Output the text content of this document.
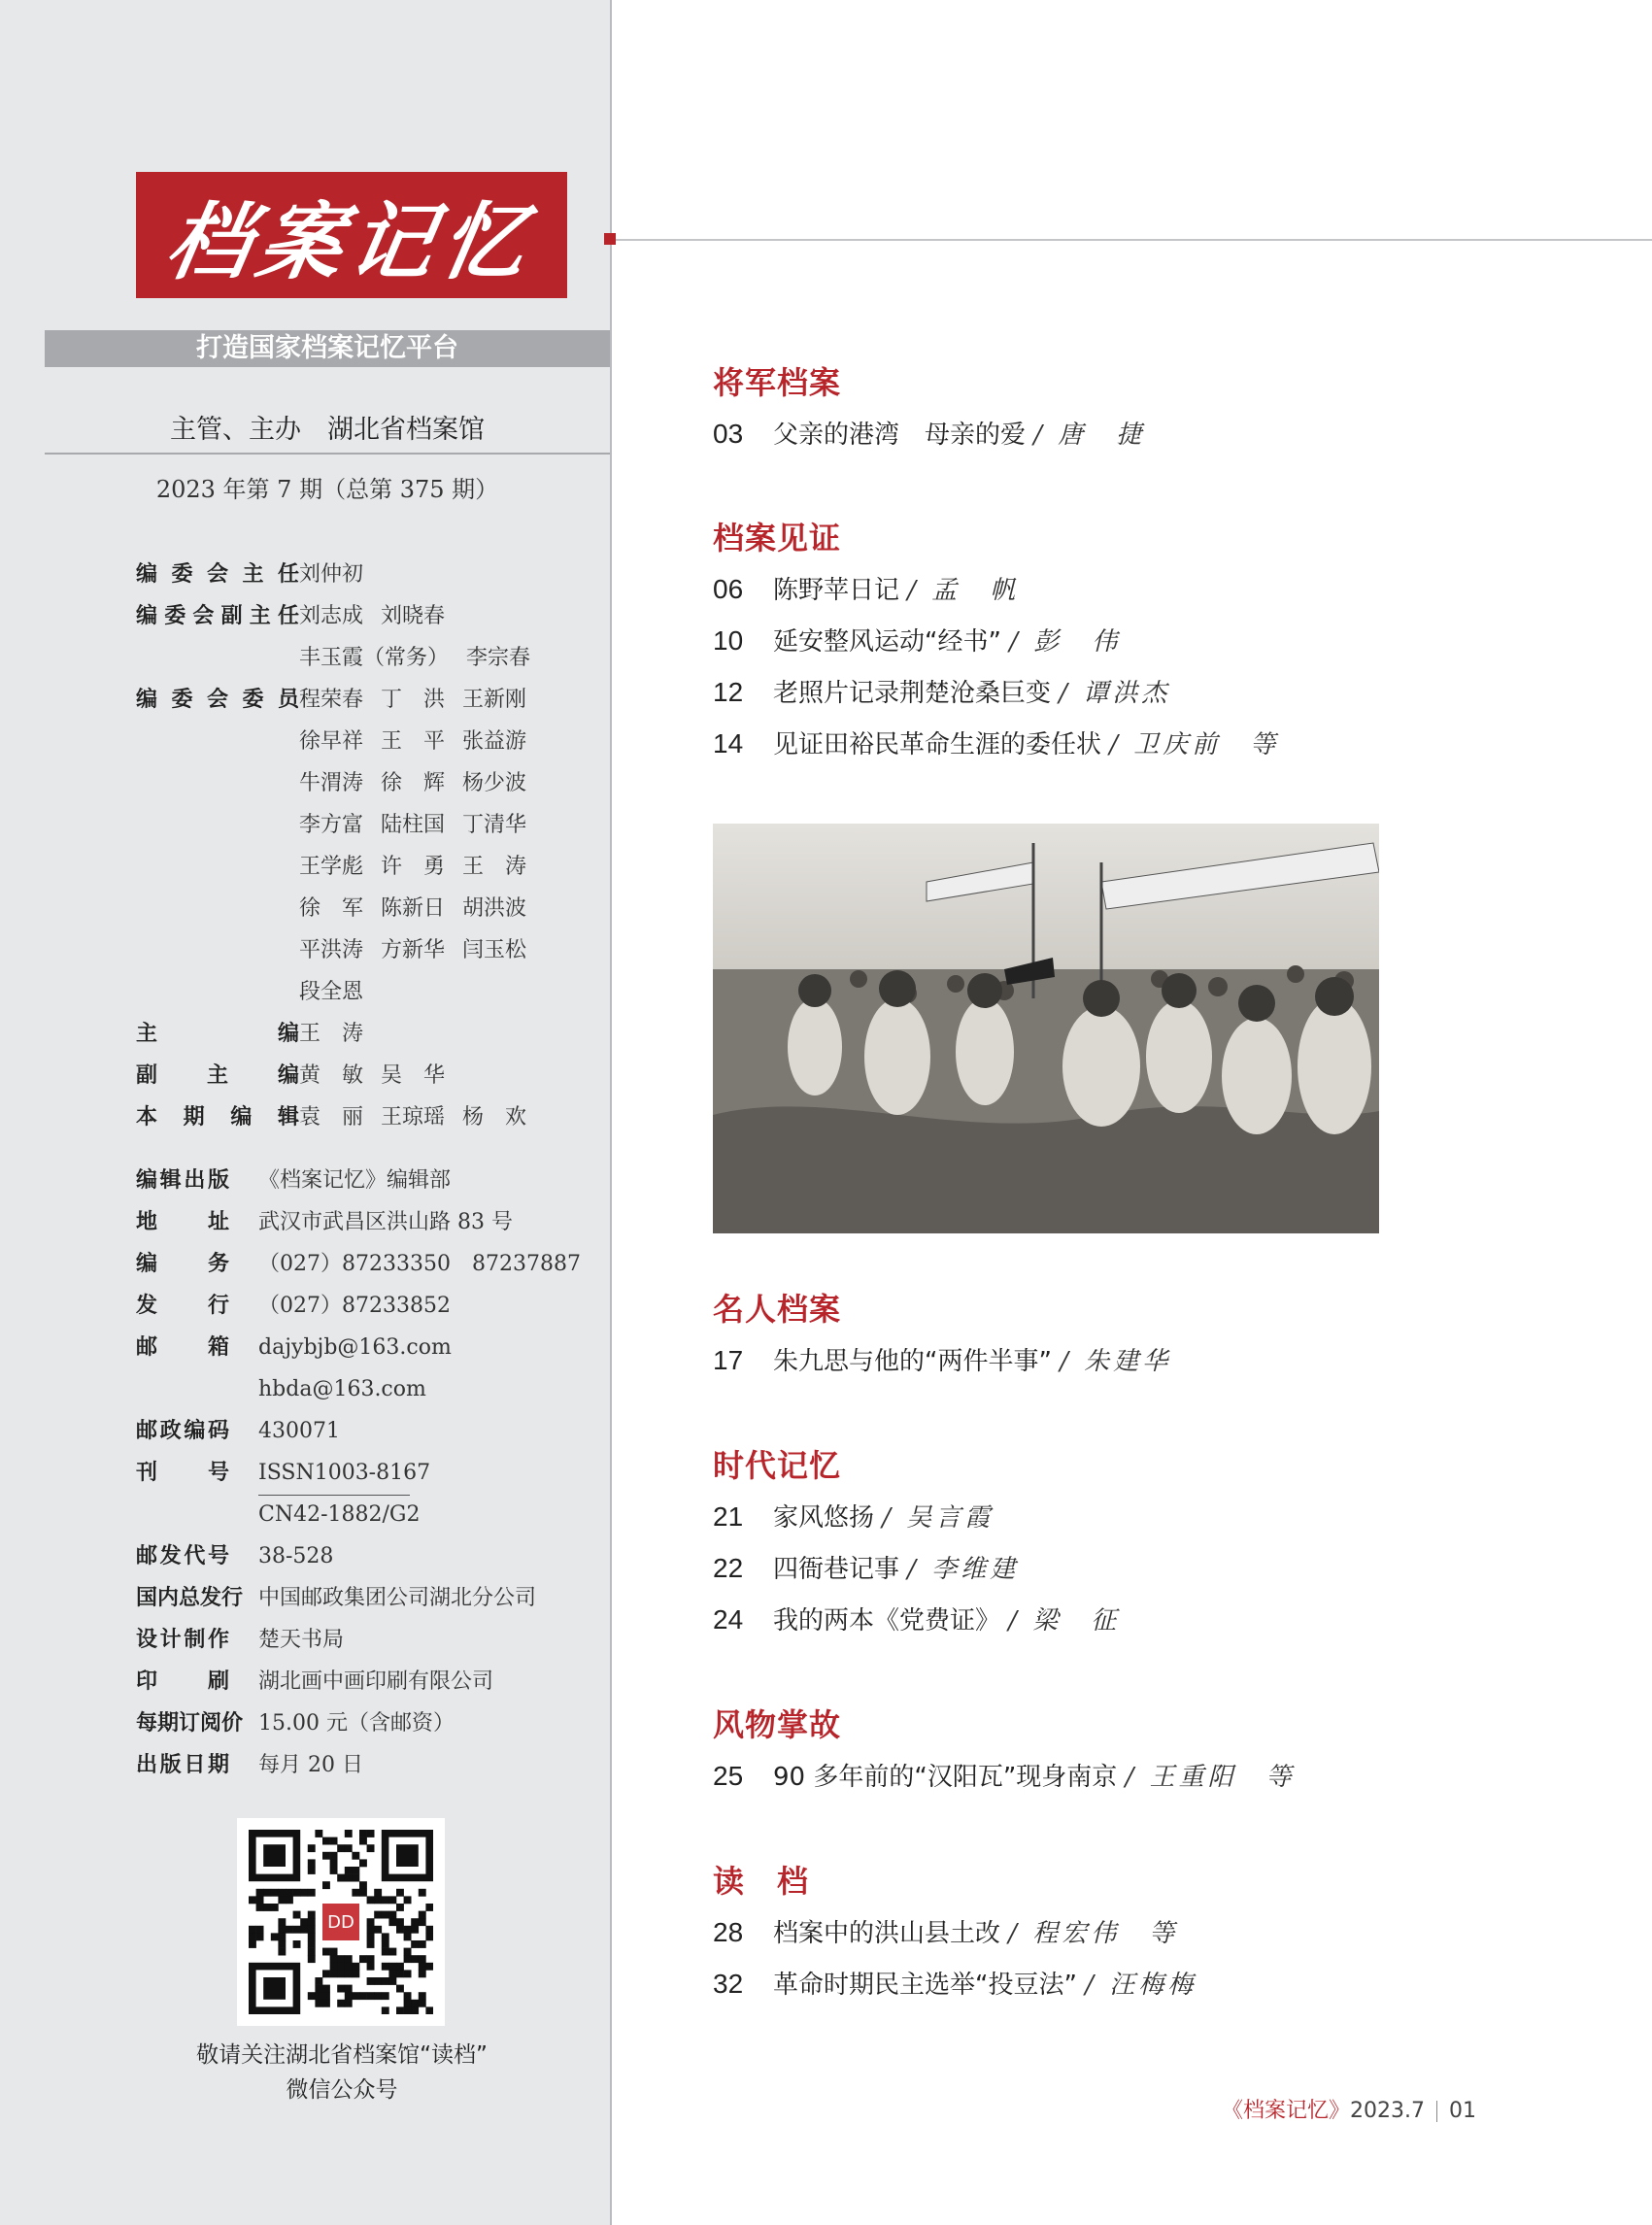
档案记忆
打造国家档案记忆平台
主管、主办　湖北省档案馆
2023 年第 7 期（总第 375 期）
编委会主任 刘仲初
编委会副主任 刘志成 刘晓春
丰玉霞（常务） 李宗春
编委会委员 程荣春 丁　洪 王新刚
徐早祥 王　平 张益游
牛渭涛 徐　辉 杨少波
李方富 陆柱国 丁清华
王学彪 许　勇 王　涛
徐　军 陈新日 胡洪波
平洪涛 方新华 闫玉松
段全恩
主编 王　涛
副主编 黄　敏 吴　华
本期编辑 袁　丽 王琼瑶 杨　欢
编辑出版 《档案记忆》编辑部
地址 武汉市武昌区洪山路 83 号
编务 （027）87233350　87237887
发行 （027）87233852
邮箱 dajybjb@163.com
hbda@163.com
邮政编码 430071
刊号 ISSN1003-8167
CN42-1882/G2
邮发代号 38-528
国内总发行 中国邮政集团公司湖北分公司
设计制作 楚天书局
印刷 湖北画中画印刷有限公司
每期订阅价 15.00 元（含邮资）
出版日期 每月 20 日
DD
敬请关注湖北省档案馆“读档”
微信公众号
将军档案
03 父亲的港湾　母亲的爱 / 唐　捷
档案见证
06 陈野苹日记 / 孟　帆
10 延安整风运动“经书” / 彭　伟
12 老照片记录荆楚沧桑巨变 / 谭洪杰
14 见证田裕民革命生涯的委任状 / 卫庆前　等
名人档案
17 朱九思与他的“两件半事” / 朱建华
时代记忆
21 家风悠扬 / 吴言霞
22 四衙巷记事 / 李维建
24 我的两本《党费证》 / 梁　征
风物掌故
25 90 多年前的“汉阳瓦”现身南京 / 王重阳　等
读　档
28 档案中的洪山县土改 / 程宏伟　等
32 革命时期民主选举“投豆法” / 汪梅梅
《档案记忆》2023.7 01
